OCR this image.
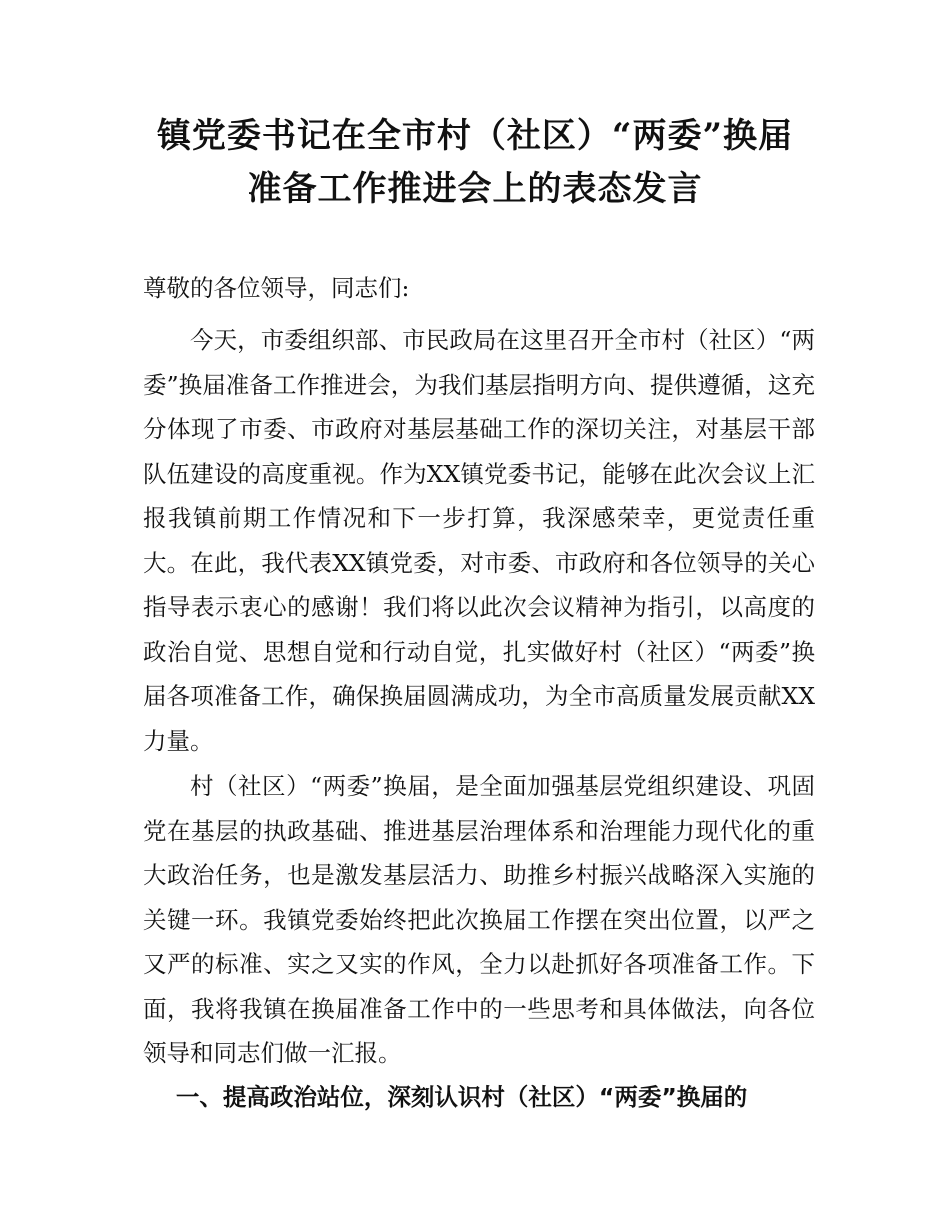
镇党委书记在全市村（社区）“两委”换届
准备工作推进会上的表态发言

尊敬的各位领导，同志们:

今天，市委组织部、市民政局在这里召开全市村（社区）“两委”换届准备工作推进会，为我们基层指明方向、提供遵循，这充分体现了市委、市政府对基层基础工作的深切关注，对基层干部队伍建设的高度重视。作为XX镇党委书记，能够在此次会议上汇报我镇前期工作情况和下一步打算，我深感荣幸，更觉责任重大。在此，我代表XX镇党委，对市委、市政府和各位领导的关心指导表示衷心的感谢！我们将以此次会议精神为指引，以高度的政治自觉、思想自觉和行动自觉，扎实做好村（社区）“两委”换届各项准备工作，确保换届圆满成功，为全市高质量发展贡献XX力量。

村（社区）“两委”换届，是全面加强基层党组织建设、巩固党在基层的执政基础、推进基层治理体系和治理能力现代化的重大政治任务，也是激发基层活力、助推乡村振兴战略深入实施的关键一环。我镇党委始终把此次换届工作摆在突出位置，以严之又严的标准、实之又实的作风，全力以赴抓好各项准备工作。下面，我将我镇在换届准备工作中的一些思考和具体做法，向各位领导和同志们做一汇报。

一、提高政治站位，深刻认识村（社区）“两委”换届的
